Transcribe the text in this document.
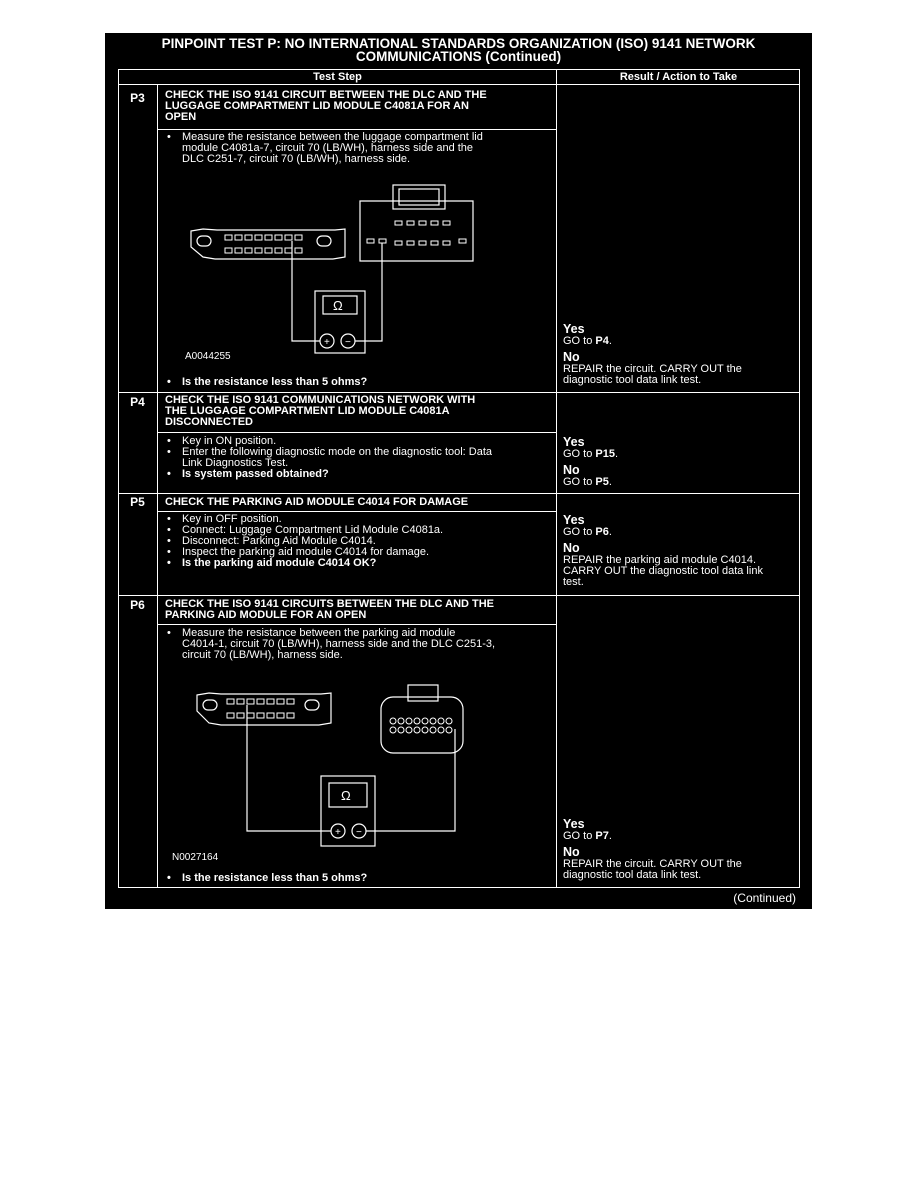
PINPOINT TEST P: NO INTERNATIONAL STANDARDS ORGANIZATION (ISO) 9141 NETWORK
COMMUNICATIONS (Continued)
Test Step	Result / Action to Take
P3	CHECK THE ISO 9141 CIRCUIT BETWEEN THE DLC AND THE
LUGGAGE COMPARTMENT LID MODULE C4081A FOR AN
OPEN
• Measure the resistance between the luggage compartment lid
module C4081a-7, circuit 70 (LB/WH), harness side and the
DLC C251-7, circuit 70 (LB/WH), harness side.
+ −
Ω
A0044255
• Is the resistance less than 5 ohms?
Yes
GO to P4.
No
REPAIR the circuit. CARRY OUT the
diagnostic tool data link test.
P4	CHECK THE ISO 9141 COMMUNICATIONS NETWORK WITH
THE LUGGAGE COMPARTMENT LID MODULE C4081A
DISCONNECTED
• Key in ON position.
• Enter the following diagnostic mode on the diagnostic tool: Data
Link Diagnostics Test.
• Is system passed obtained?
Yes
GO to P15.
No
GO to P5.
P5	CHECK THE PARKING AID MODULE C4014 FOR DAMAGE
• Key in OFF position.
• Connect: Luggage Compartment Lid Module C4081a.
• Disconnect: Parking Aid Module C4014.
• Inspect the parking aid module C4014 for damage.
• Is the parking aid module C4014 OK?
Yes
GO to P6.
No
REPAIR the parking aid module C4014.
CARRY OUT the diagnostic tool data link
test.
P6	CHECK THE ISO 9141 CIRCUITS BETWEEN THE DLC AND THE
PARKING AID MODULE FOR AN OPEN
• Measure the resistance between the parking aid module
C4014-1, circuit 70 (LB/WH), harness side and the DLC C251-3,
circuit 70 (LB/WH), harness side.
+ −
Ω
N0027164
• Is the resistance less than 5 ohms?
Yes
GO to P7.
No
REPAIR the circuit. CARRY OUT the
diagnostic tool data link test.
(Continued)
